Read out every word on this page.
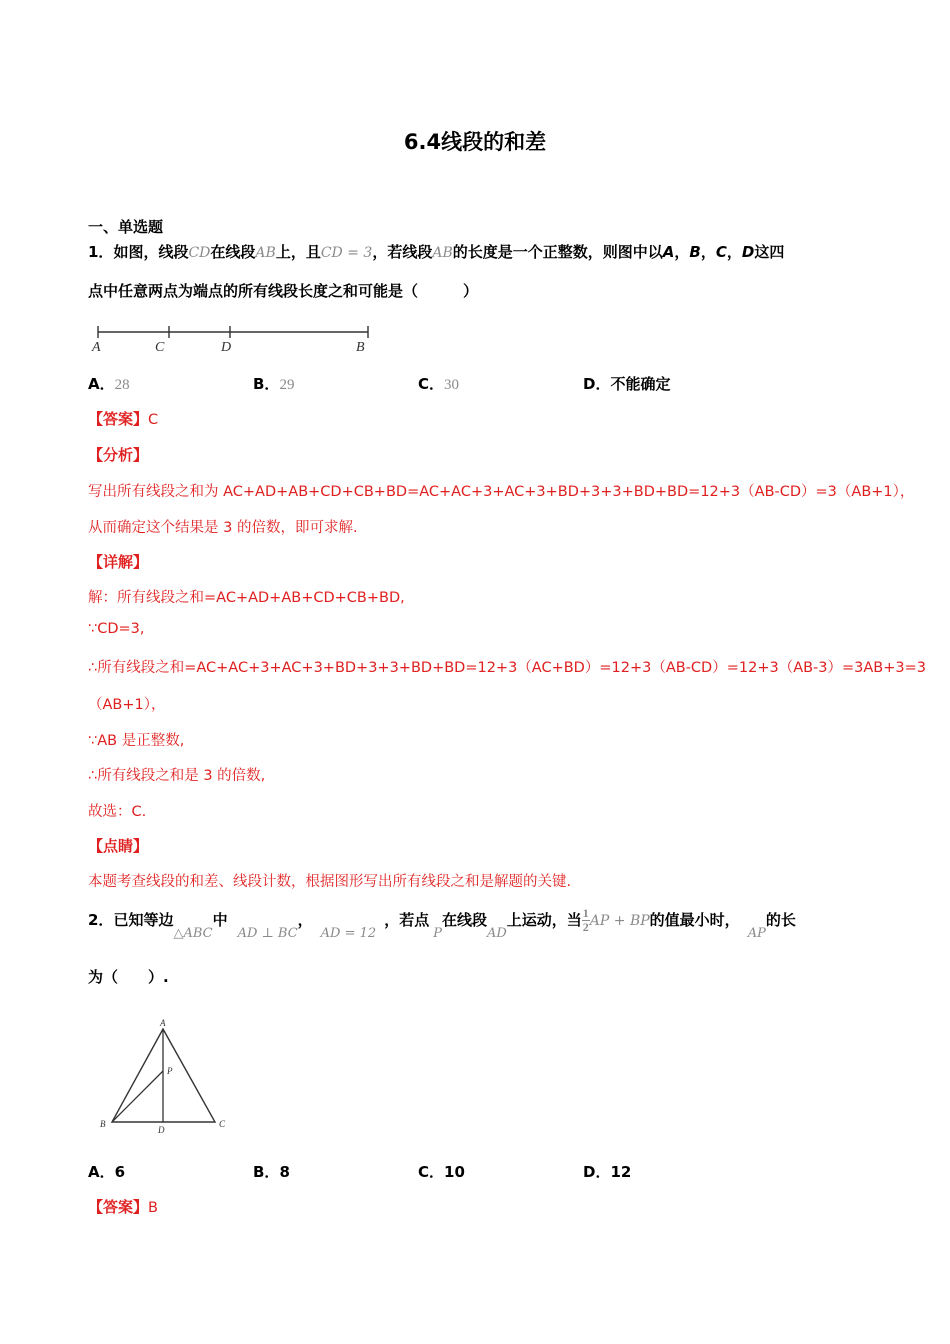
6.4线段的和差
一、单选题
1．如图，线段CD在线段AB上，且CD = 3，若线段AB的长度是一个正整数，则图中以A，B，C，D这四
点中任意两点为端点的所有线段长度之和可能是（　　　）
A	C	D	B
A．28	B．29	C．30	D．不能确定
【答案】C
【分析】
写出所有线段之和为 AC+AD+AB+CD+CB+BD=AC+AC+3+AC+3+BD+3+3+BD+BD=12+3（AB-CD）=3（AB+1），
从而确定这个结果是 3 的倍数，即可求解.
【详解】
解：所有线段之和=AC+AD+AB+CD+CB+BD,
∵CD=3,
∴所有线段之和=AC+AC+3+AC+3+BD+3+3+BD+BD=12+3（AC+BD）=12+3（AB-CD）=12+3（AB-3）=3AB+3=3
（AB+1），
∵AB 是正整数,
∴所有线段之和是 3 的倍数,
故选：C.
【点睛】
本题考查线段的和差、线段计数，根据图形写出所有线段之和是解题的关键.
2．已知等边△ABC中AD ⊥ BC，AD = 12，若点P在线段AD上运动，当 $\frac{1}{2}$ AP + BP的值最小时，AP的长
为（　　）.
A
P
B
D
C
A．6	B．8	C．10	D．12
【答案】B
